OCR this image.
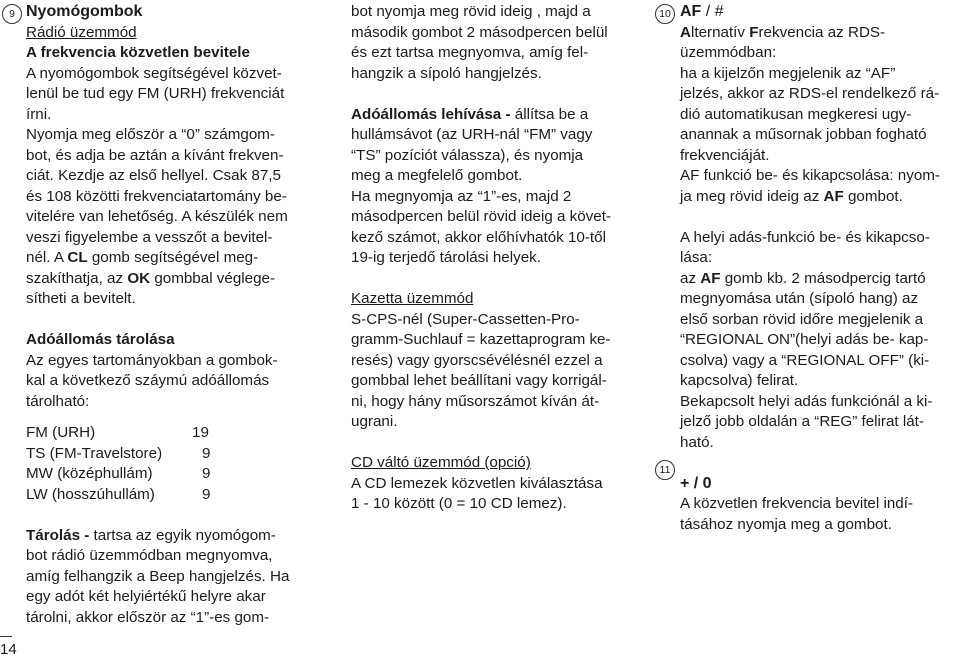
9 Nyomógombok
Rádió üzemmód
A frekvencia közvetlen bevitele
A nyomógombok segítségével közvet-
lenül be tud egy FM (URH) frekvenciát
írni.
Nyomja meg először a “0” számgom-
bot, és adja be aztán a kívánt frekven-
ciát. Kezdje az első hellyel. Csak 87,5
és 108 közötti frekvenciatartomány be-
vitelére van lehetőség. A készülék nem
veszi figyelembe a vesszőt a bevitel-
nél. A CL gomb segítségével meg-
szakíthatja, az OK gombbal véglege-
sítheti a bevitelt.
Adóállomás tárolása
Az egyes tartományokban a gombok-
kal a következő száymú adóállomás
tárolható:
FM (URH)	19
TS (FM-Travelstore)	9
MW (középhullám)	9
LW (hosszúhullám)	9
Tárolás - tartsa az egyik nyomógom-
bot rádió üzemmódban megnyomva,
amíg felhangzik a Beep hangjelzés. Ha
egy adót két helyiértékű helyre akar
tárolni, akkor először az “1”-es gom-
bot nyomja meg rövid ideig , majd a
második gombot 2 másodpercen belül
és ezt tartsa megnyomva, amíg fel-
hangzik a sípoló hangjelzés.
Adóállomás lehívása - állítsa be a
hullámsávot (az URH-nál “FM” vagy
“TS” pozíciót válassza), és nyomja
meg a megfelelő gombot.
Ha megnyomja az “1”-es, majd 2
másodpercen belül rövid ideig a követ-
kező számot, akkor előhívhatók 10-től
19-ig terjedő tárolási helyek.
Kazetta üzemmód
S-CPS-nél (Super-Cassetten-Pro-
gramm-Suchlauf = kazettaprogram ke-
resés) vagy gyorscsévélésnél ezzel a
gombbal lehet beállítani vagy korrigál-
ni, hogy hány műsorszámot kíván át-
ugrani.
CD váltó üzemmód (opció)
A CD lemezek közvetlen kiválasztása
1 - 10 között (0 = 10 CD lemez).
10
11
AF / #
Alternatív Frekvencia az RDS-
üzemmódban:
ha a kijelzőn megjelenik az “AF”
jelzés, akkor az RDS-el rendelkező rá-
dió automatikusan megkeresi ugy-
anannak a műsornak jobban fogható
frekvenciáját.
AF funkció be- és kikapcsolása: nyom-
ja meg rövid ideig az AF gombot.
A helyi adás-funkció be- és kikapcso-
lása:
az AF gomb kb. 2 másodpercig tartó
megnyomása után (sípoló hang) az
első sorban rövid időre megjelenik a
“REGIONAL ON”(helyi adás be- kap-
csolva) vagy a “REGIONAL OFF” (ki-
kapcsolva) felirat.
Bekapcsolt helyi adás funkciónál a ki-
jelző jobb oldalán a “REG” felirat lát-
ható.
+ / 0
A közvetlen frekvencia bevitel indí-
tásához nyomja meg a gombot.
14
